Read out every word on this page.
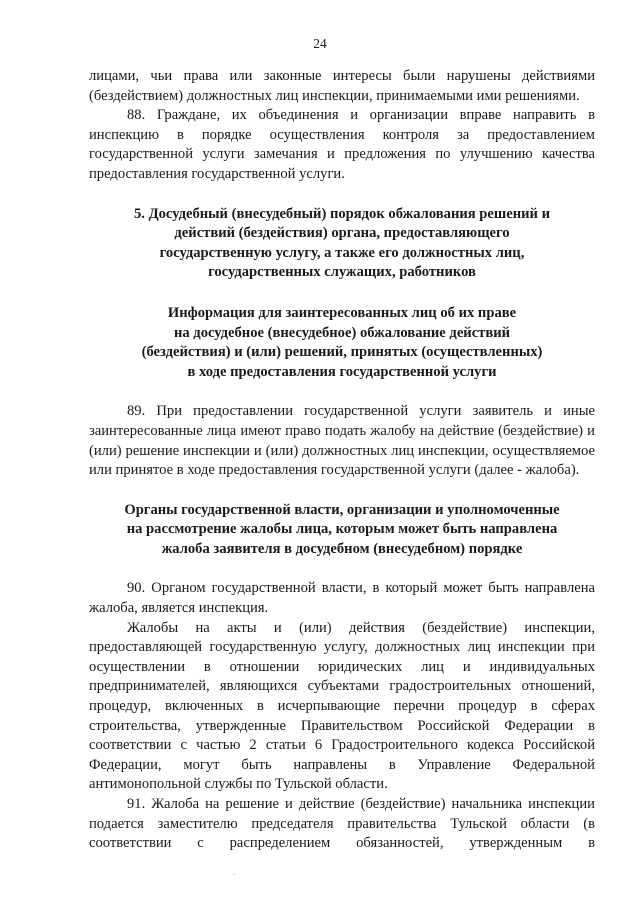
24

лицами, чьи права или законные интересы были нарушены действиями (бездействием) должностных лиц инспекции, принимаемыми ими решениями.

88. Граждане, их объединения и организации вправе направить в инспекцию в порядке осуществления контроля за предоставлением государственной услуги замечания и предложения по улучшению качества предоставления государственной услуги.

5. Досудебный (внесудебный) порядок обжалования решений и

действий (бездействия) органа, предоставляющего

государственную услугу, а также его должностных лиц,

государственных служащих, работников

Информация для заинтересованных лиц об их праве

на досудебное (внесудебное) обжалование действий

(бездействия) и (или) решений, принятых (осуществленных)

в ходе предоставления государственной услуги

89. При предоставлении государственной услуги заявитель и иные заинтересованные лица имеют право подать жалобу на действие (бездействие) и (или) решение инспекции и (или) должностных лиц инспекции, осуществляемое или принятое в ходе предоставления государственной услуги (далее - жалоба).

Органы государственной власти, организации и уполномоченные

на рассмотрение жалобы лица, которым может быть направлена

жалоба заявителя в досудебном (внесудебном) порядке

90. Органом государственной власти, в который может быть направлена жалоба, является инспекция.

Жалобы на акты и (или) действия (бездействие) инспекции, предоставляющей государственную услугу, должностных лиц инспекции при осуществлении в отношении юридических лиц и индивидуальных предпринимателей, являющихся субъектами градостроительных отношений, процедур, включенных в исчерпывающие перечни процедур в сферах строительства, утвержденные Правительством Российской Федерации в соответствии с частью 2 статьи 6 Градостроительного кодекса Российской Федерации, могут быть направлены в Управление Федеральной антимонопольной службы по Тульской области.

91. Жалоба на решение и действие (бездействие) начальника инспекции подается заместителю председателя правительства Тульской области (в соответствии с распределением обязанностей, утвержденным в
